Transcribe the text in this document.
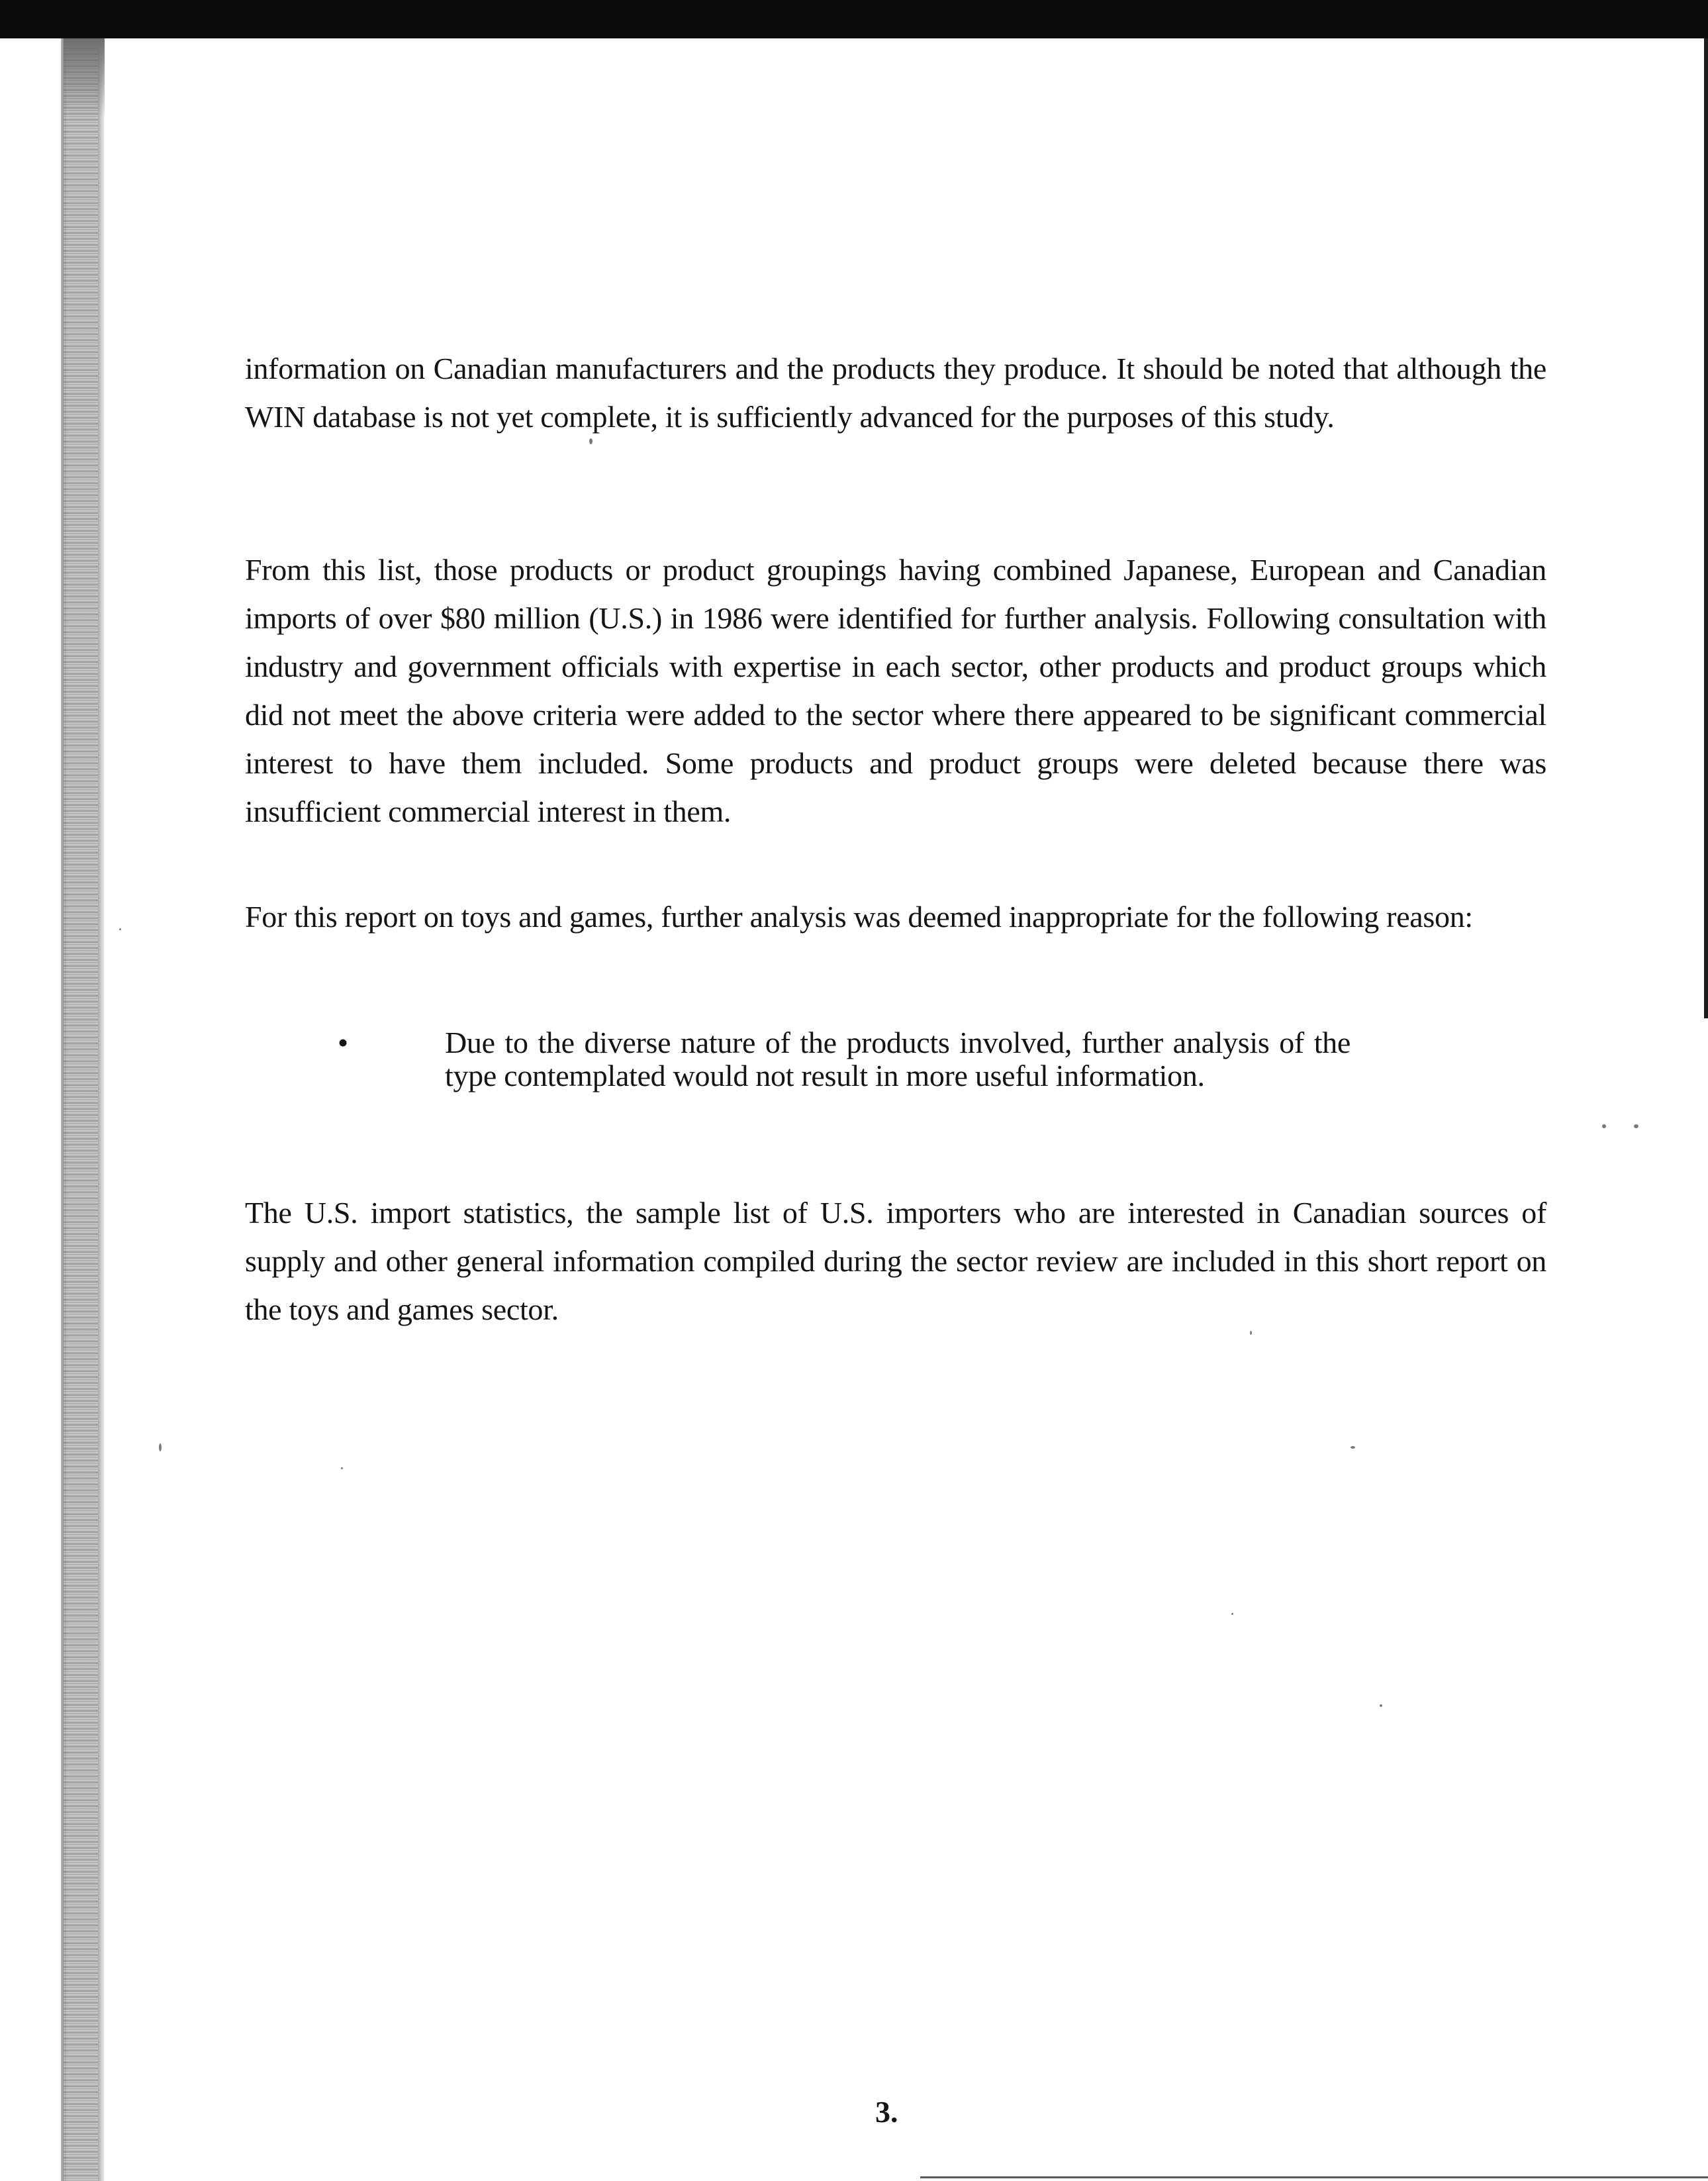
information on Canadian manufacturers and the products they produce. It should be noted that although the WIN database is not yet complete, it is sufficiently advanced for the purposes of this study.

From this list, those products or product groupings having combined Japanese, European and Canadian imports of over $80 million (U.S.) in 1986 were identified for further analysis. Following consultation with industry and government officials with expertise in each sector, other products and product groups which did not meet the above criteria were added to the sector where there appeared to be significant commercial interest to have them included. Some products and product groups were deleted because there was insufficient commercial interest in them.

For this report on toys and games, further analysis was deemed inappropriate for the following reason:

•	Due to the diverse nature of the products involved, further analysis of the type contemplated would not result in more useful information.

The U.S. import statistics, the sample list of U.S. importers who are interested in Canadian sources of supply and other general information compiled during the sector review are included in this short report on the toys and games sector.

3.
